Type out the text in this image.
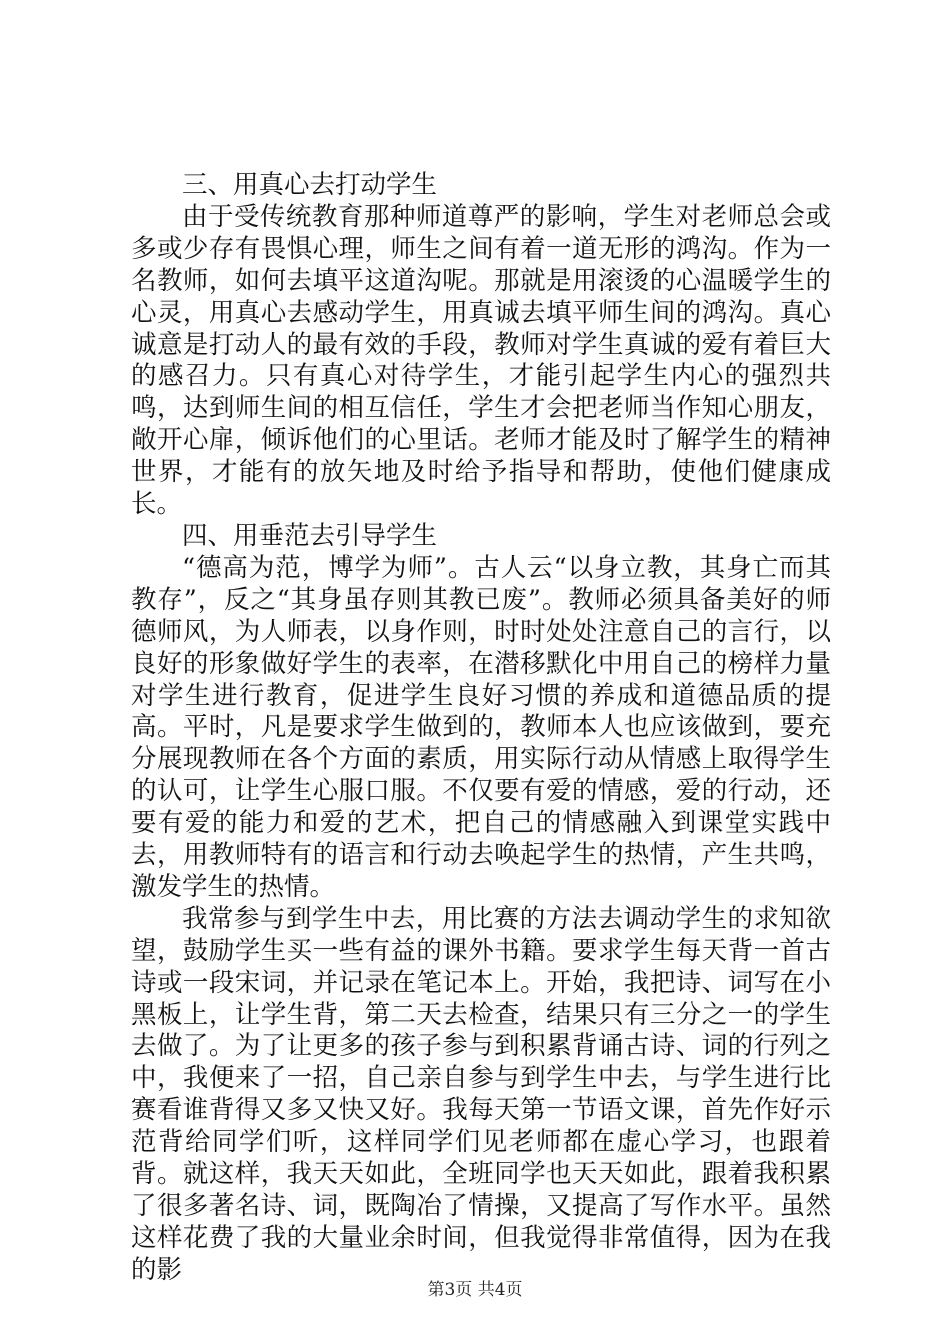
三、用真心去打动学生

由于受传统教育那种师道尊严的影响，学生对老师总会或多或少存有畏惧心理，师生之间有着一道无形的鸿沟。作为一名教师，如何去填平这道沟呢。那就是用滚烫的心温暖学生的心灵，用真心去感动学生，用真诚去填平师生间的鸿沟。真心诚意是打动人的最有效的手段，教师对学生真诚的爱有着巨大的感召力。只有真心对待学生，才能引起学生内心的强烈共鸣，达到师生间的相互信任，学生才会把老师当作知心朋友，敞开心扉，倾诉他们的心里话。老师才能及时了解学生的精神世界，才能有的放矢地及时给予指导和帮助，使他们健康成长。

四、用垂范去引导学生

“德高为范，博学为师”。古人云“以身立教，其身亡而其教存”，反之“其身虽存则其教已废”。教师必须具备美好的师德师风，为人师表，以身作则，时时处处注意自己的言行，以良好的形象做好学生的表率，在潜移默化中用自己的榜样力量对学生进行教育，促进学生良好习惯的养成和道德品质的提高。平时，凡是要求学生做到的，教师本人也应该做到，要充分展现教师在各个方面的素质，用实际行动从情感上取得学生的认可，让学生心服口服。不仅要有爱的情感，爱的行动，还要有爱的能力和爱的艺术，把自己的情感融入到课堂实践中去，用教师特有的语言和行动去唤起学生的热情，产生共鸣，激发学生的热情。

我常参与到学生中去，用比赛的方法去调动学生的求知欲望，鼓励学生买一些有益的课外书籍。要求学生每天背一首古诗或一段宋词，并记录在笔记本上。开始，我把诗、词写在小黑板上，让学生背，第二天去检查，结果只有三分之一的学生去做了。为了让更多的孩子参与到积累背诵古诗、词的行列之中，我便来了一招，自己亲自参与到学生中去，与学生进行比赛看谁背得又多又快又好。我每天第一节语文课，首先作好示范背给同学们听，这样同学们见老师都在虚心学习，也跟着背。就这样，我天天如此，全班同学也天天如此，跟着我积累了很多著名诗、词，既陶冶了情操，又提高了写作水平。虽然这样花费了我的大量业余时间，但我觉得非常值得，因为在我的影

第3页 共4页
